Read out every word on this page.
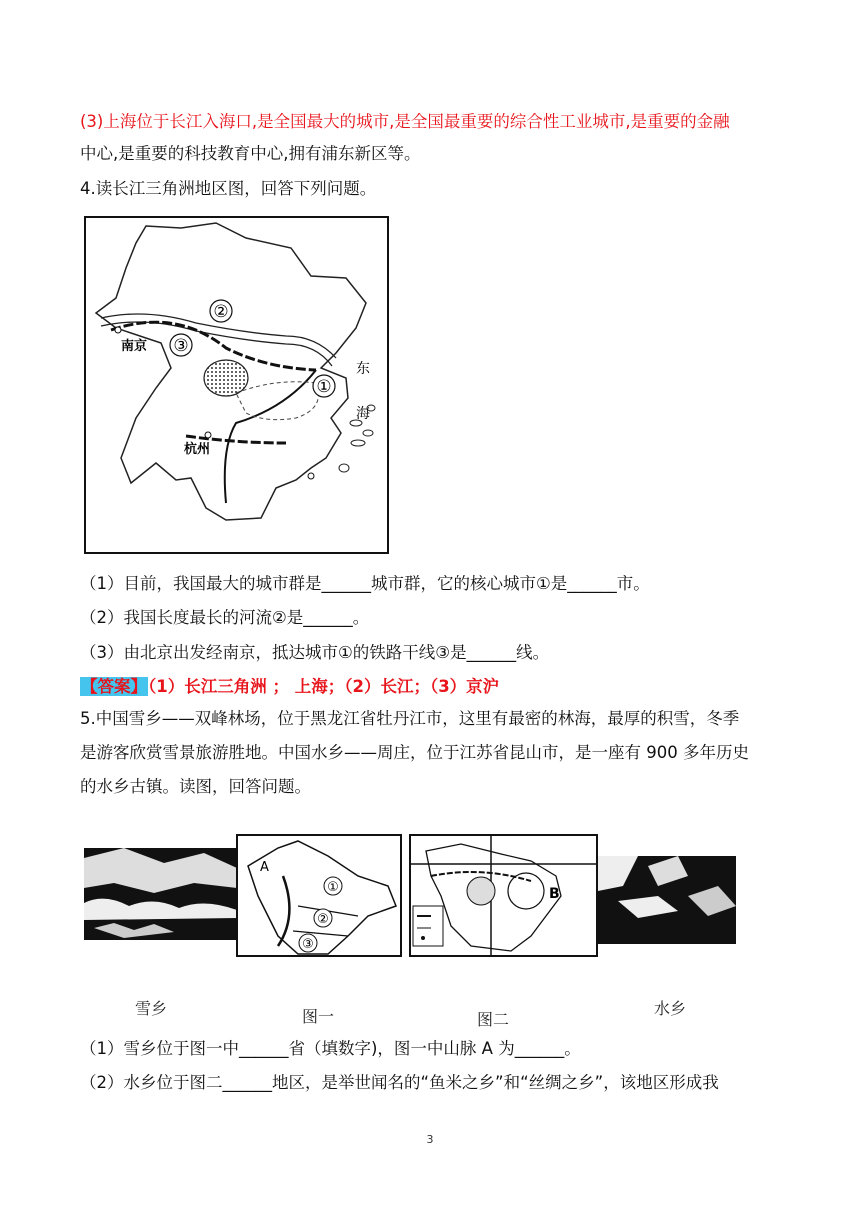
(3)上海位于长江入海口,是全国最大的城市,是全国最重要的综合性工业城市,是重要的金融
中心,是重要的科技教育中心,拥有浦东新区等。
4.读长江三角洲地区图，回答下列问题。
②
③
①
南京
杭州
东
海
（1）目前，我国最大的城市群是______城市群，它的核心城市①是______市。
（2）我国长度最长的河流②是______。
（3）由北京出发经南京，抵达城市①的铁路干线③是______线。
【答案】（1）长江三角洲 ； 上海；（2）长江；（3）京沪
5.中国雪乡——双峰林场，位于黑龙江省牡丹江市，这里有最密的林海，最厚的积雪，冬季
是游客欣赏雪景旅游胜地。中国水乡——周庄，位于江苏省昆山市，是一座有 900 多年历史
的水乡古镇。读图，回答问题。
A
①
②
③
B
雪乡	图一	图二
水乡
（1）雪乡位于图一中______省（填数字)，图一中山脉 A 为______。
（2）水乡位于图二______地区，是举世闻名的“鱼米之乡”和“丝绸之乡”，该地区形成我
3
